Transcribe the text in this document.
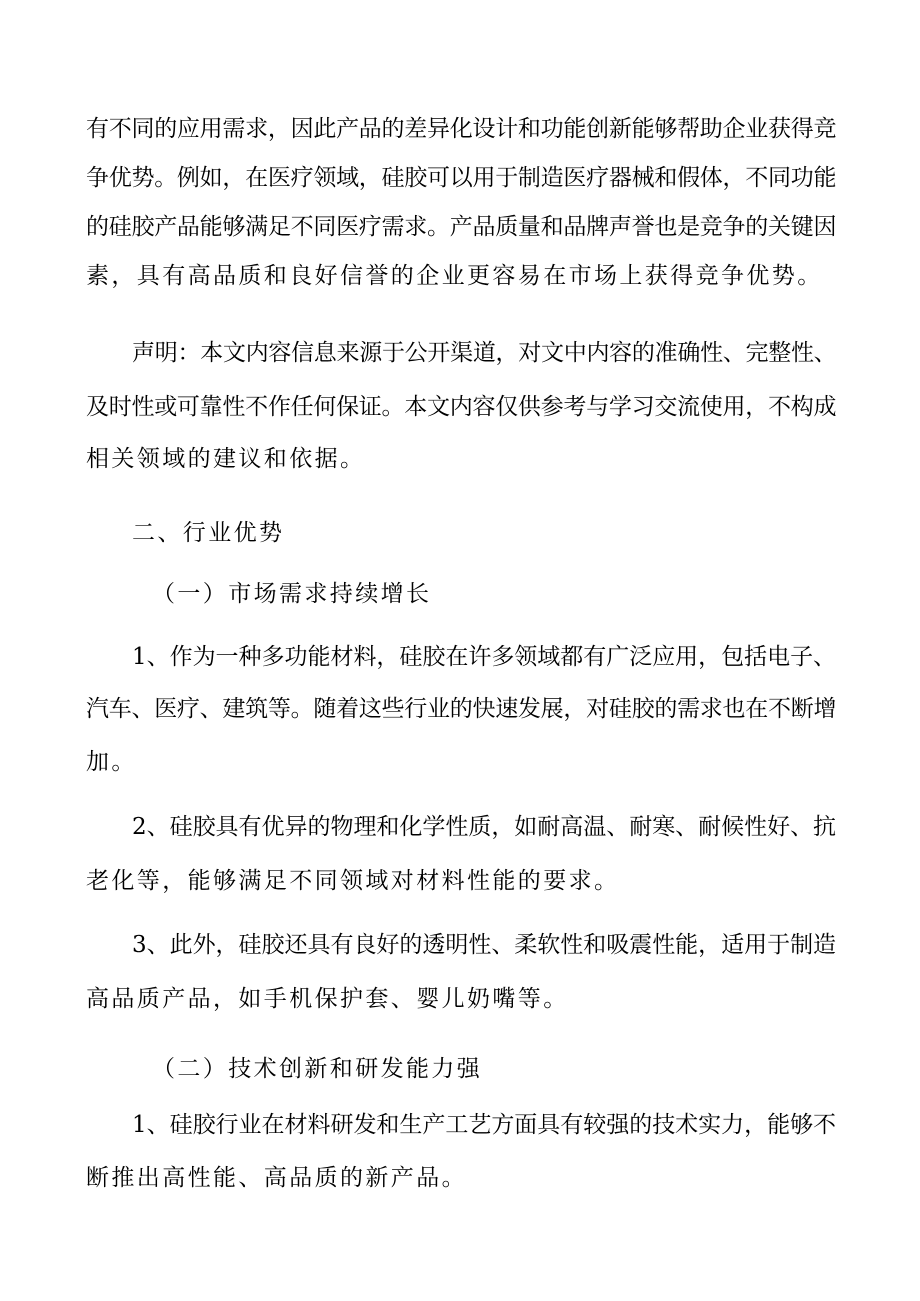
有不同的应用需求，因此产品的差异化设计和功能创新能够帮助企业获得竞
争优势。例如，在医疗领域，硅胶可以用于制造医疗器械和假体，不同功能
的硅胶产品能够满足不同医疗需求。产品质量和品牌声誉也是竞争的关键因
素，具有高品质和良好信誉的企业更容易在市场上获得竞争优势。
声明：本文内容信息来源于公开渠道，对文中内容的准确性、完整性、
及时性或可靠性不作任何保证。本文内容仅供参考与学习交流使用，不构成
相关领域的建议和依据。
二、行业优势
（一）市场需求持续增长
1、作为一种多功能材料，硅胶在许多领域都有广泛应用，包括电子、
汽车、医疗、建筑等。随着这些行业的快速发展，对硅胶的需求也在不断增
加。
2、硅胶具有优异的物理和化学性质，如耐高温、耐寒、耐候性好、抗
老化等，能够满足不同领域对材料性能的要求。
3、此外，硅胶还具有良好的透明性、柔软性和吸震性能，适用于制造
高品质产品，如手机保护套、婴儿奶嘴等。
（二）技术创新和研发能力强
1、硅胶行业在材料研发和生产工艺方面具有较强的技术实力，能够不
断推出高性能、高品质的新产品。
